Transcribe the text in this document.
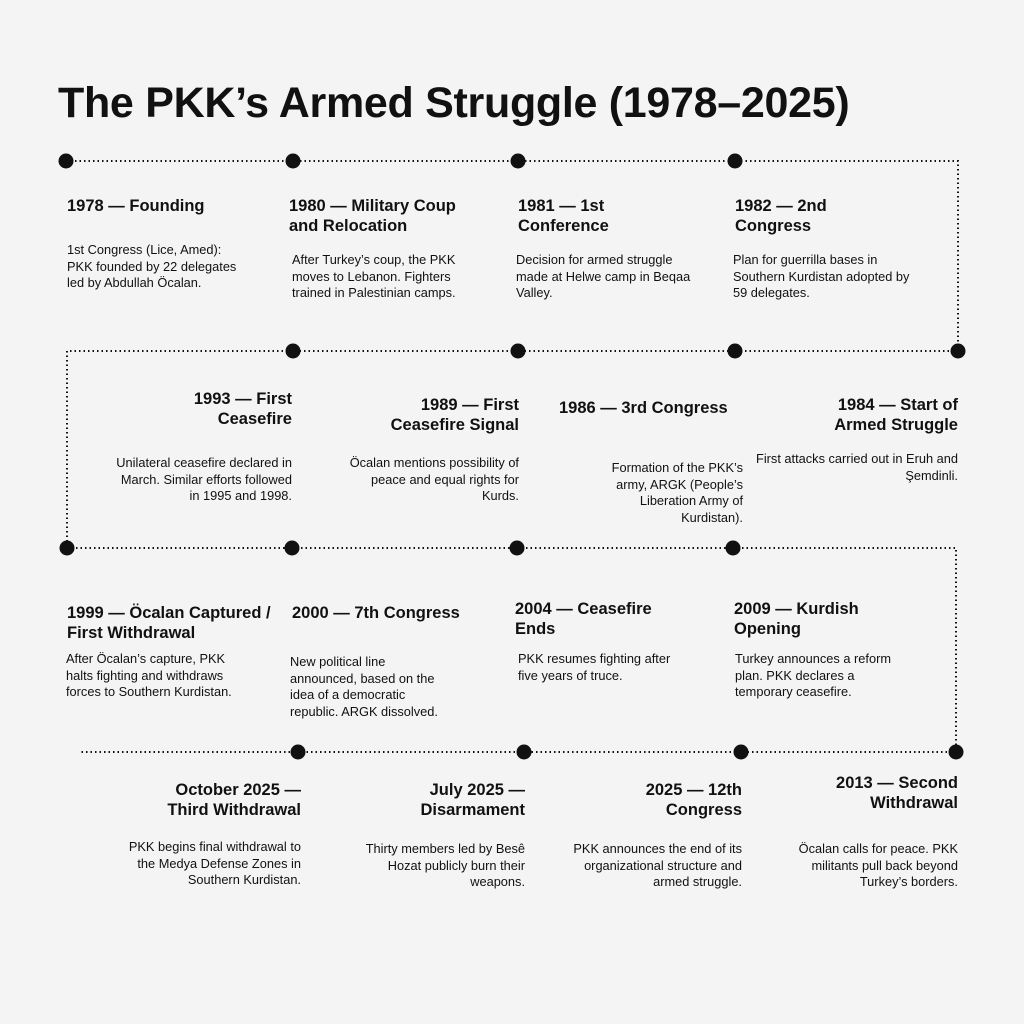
The PKK’s Armed Struggle (1978–2025)
1978 — Founding

1st Congress (Lice, Amed): PKK founded by 22 delegates led by Abdullah Öcalan.

1980 — Military Coup and Relocation

After Turkey’s coup, the PKK moves to Lebanon. Fighters trained in Palestinian camps.

1981 — 1st Conference

Decision for armed struggle made at Helwe camp in Beqaa Valley.

1982 — 2nd Congress

Plan for guerrilla bases in Southern Kurdistan adopted by 59 delegates.

1984 — Start of Armed Struggle

First attacks carried out in Eruh and Şemdinli.

1986 — 3rd Congress

Formation of the PKK’s army, ARGK (People’s Liberation Army of Kurdistan).

1989 — First Ceasefire Signal

Öcalan mentions possibility of peace and equal rights for Kurds.

1993 — First Ceasefire

Unilateral ceasefire declared in March. Similar efforts followed in 1995 and 1998.

1999 — Öcalan Captured / First Withdrawal

After Öcalan’s capture, PKK halts fighting and withdraws forces to Southern Kurdistan.

2000 — 7th Congress

New political line announced, based on the idea of a democratic republic. ARGK dissolved.

2004 — Ceasefire Ends

PKK resumes fighting after five years of truce.

2009 — Kurdish Opening

Turkey announces a reform plan. PKK declares a temporary ceasefire.

2013 — Second Withdrawal

Öcalan calls for peace. PKK militants pull back beyond Turkey’s borders.

2025 — 12th Congress

PKK announces the end of its organizational structure and armed struggle.

July 2025 — Disarmament

Thirty members led by Besê Hozat publicly burn their weapons.

October 2025 — Third Withdrawal

PKK begins final withdrawal to the Medya Defense Zones in Southern Kurdistan.
